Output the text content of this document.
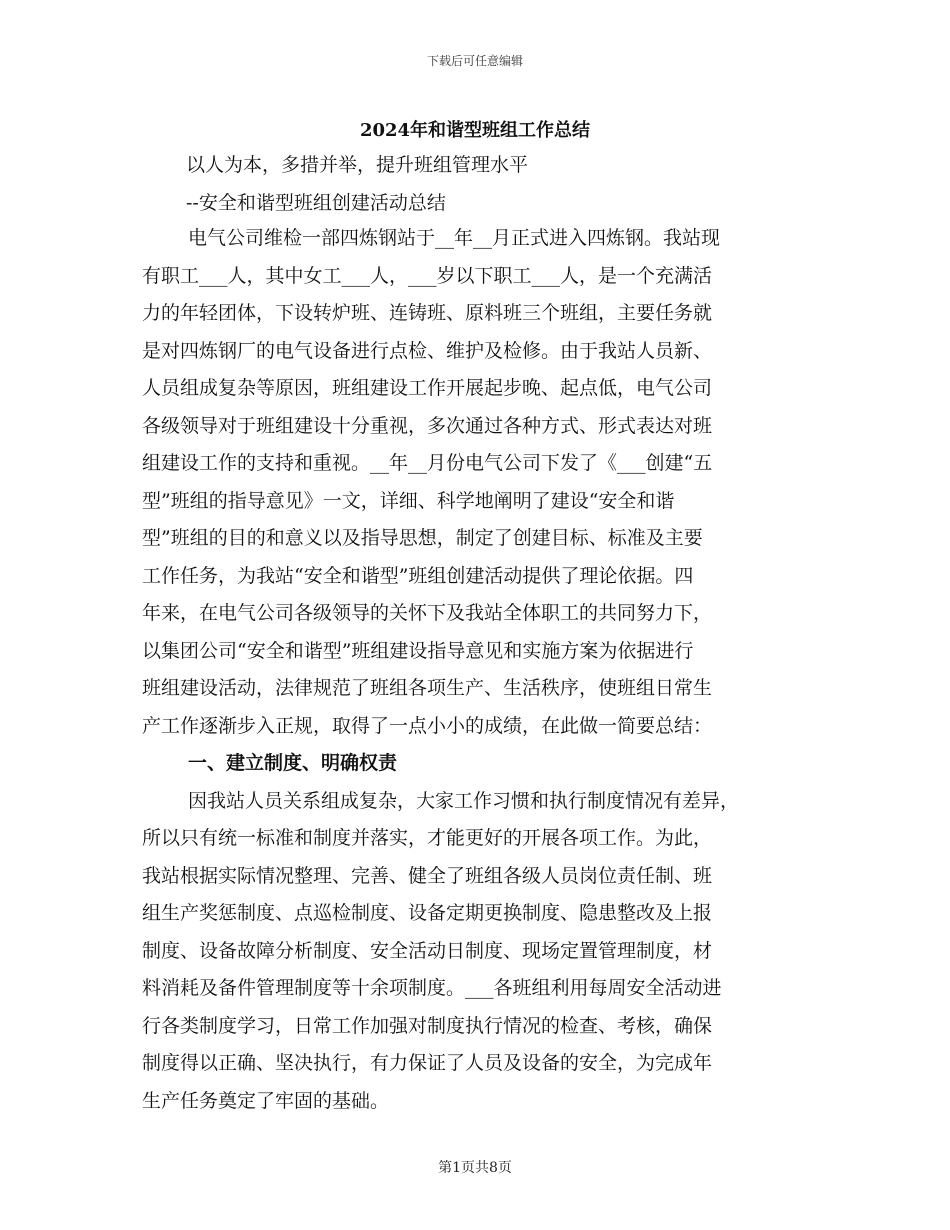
下载后可任意编辑
2024年和谐型班组工作总结

以人为本，多措并举，提升班组管理水平

--安全和谐型班组创建活动总结

电气公司维检一部四炼钢站于__年__月正式进入四炼钢。我站现
有职工___人，其中女工___人，___岁以下职工___人，是一个充满活
力的年轻团体，下设转炉班、连铸班、原料班三个班组，主要任务就
是对四炼钢厂的电气设备进行点检、维护及检修。由于我站人员新、
人员组成复杂等原因，班组建设工作开展起步晚、起点低，电气公司
各级领导对于班组建设十分重视，多次通过各种方式、形式表达对班
组建设工作的支持和重视。__年__月份电气公司下发了《___创建“五
型”班组的指导意见》一文，详细、科学地阐明了建设“安全和谐
型”班组的目的和意义以及指导思想，制定了创建目标、标准及主要
工作任务，为我站“安全和谐型”班组创建活动提供了理论依据。四
年来，在电气公司各级领导的关怀下及我站全体职工的共同努力下，
以集团公司“安全和谐型”班组建设指导意见和实施方案为依据进行
班组建设活动，法律规范了班组各项生产、生活秩序，使班组日常生
产工作逐渐步入正规，取得了一点小小的成绩，在此做一简要总结：
一、建立制度、明确权责
因我站人员关系组成复杂，大家工作习惯和执行制度情况有差异，
所以只有统一标准和制度并落实，才能更好的开展各项工作。为此，
我站根据实际情况整理、完善、健全了班组各级人员岗位责任制、班
组生产奖惩制度、点巡检制度、设备定期更换制度、隐患整改及上报
制度、设备故障分析制度、安全活动日制度、现场定置管理制度，材
料消耗及备件管理制度等十余项制度。___各班组利用每周安全活动进
行各类制度学习，日常工作加强对制度执行情况的检查、考核，确保
制度得以正确、坚决执行，有力保证了人员及设备的安全，为完成年
生产任务奠定了牢固的基础。
第1页共8页
